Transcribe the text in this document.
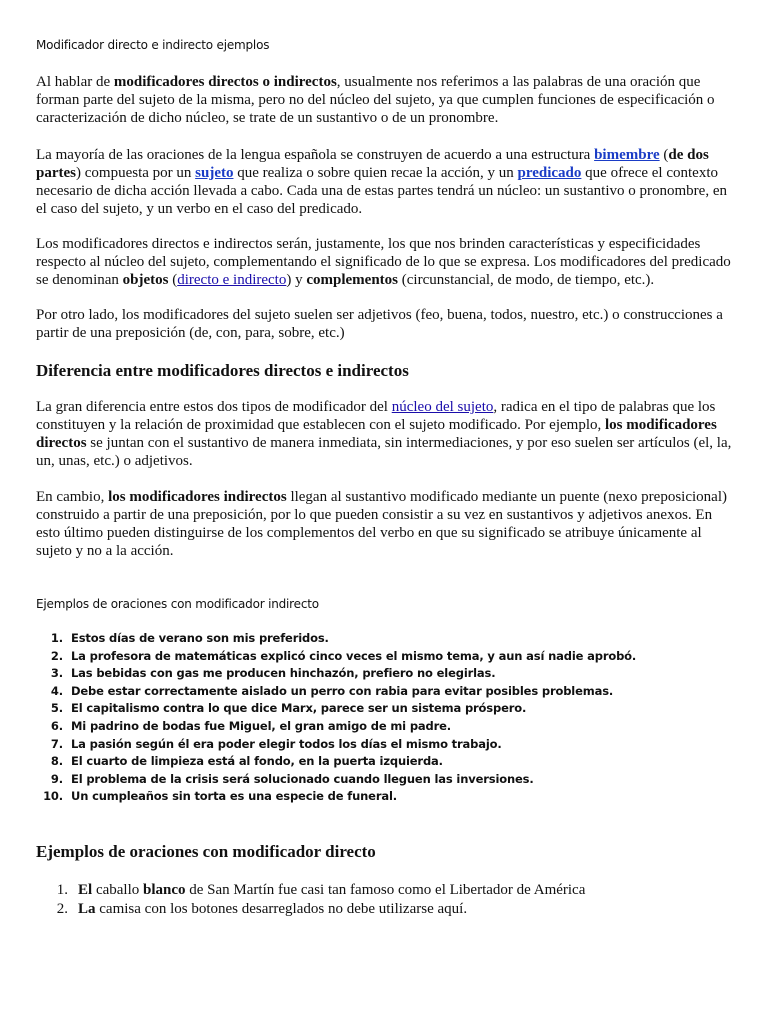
Modificador directo e indirecto ejemplos

Al hablar de modificadores directos o indirectos, usualmente nos referimos a las palabras de una oración que forman parte del sujeto de la misma, pero no del núcleo del sujeto, ya que cumplen funciones de especificación o caracterización de dicho núcleo, se trate de un sustantivo o de un pronombre.

La mayoría de las oraciones de la lengua española se construyen de acuerdo a una estructura bimembre (de dos partes) compuesta por un sujeto que realiza o sobre quien recae la acción, y un predicado que ofrece el contexto necesario de dicha acción llevada a cabo. Cada una de estas partes tendrá un núcleo: un sustantivo o pronombre, en el caso del sujeto, y un verbo en el caso del predicado.

Los modificadores directos e indirectos serán, justamente, los que nos brinden características y especificidades respecto al núcleo del sujeto, complementando el significado de lo que se expresa. Los modificadores del predicado se denominan objetos (directo e indirecto) y complementos (circunstancial, de modo, de tiempo, etc.).

Por otro lado, los modificadores del sujeto suelen ser adjetivos (feo, buena, todos, nuestro, etc.) o construcciones a partir de una preposición (de, con, para, sobre, etc.)

Diferencia entre modificadores directos e indirectos

La gran diferencia entre estos dos tipos de modificador del núcleo del sujeto, radica en el tipo de palabras que los constituyen y la relación de proximidad que establecen con el sujeto modificado. Por ejemplo, los modificadores directos se juntan con el sustantivo de manera inmediata, sin intermediaciones, y por eso suelen ser artículos (el, la, un, unas, etc.) o adjetivos.

En cambio, los modificadores indirectos llegan al sustantivo modificado mediante un puente (nexo preposicional) construido a partir de una preposición, por lo que pueden consistir a su vez en sustantivos y adjetivos anexos. En esto último pueden distinguirse de los complementos del verbo en que su significado se atribuye únicamente al sujeto y no a la acción.

Ejemplos de oraciones con modificador indirecto
1. Estos días de verano son mis preferidos.
2. La profesora de matemáticas explicó cinco veces el mismo tema, y aun así nadie aprobó.
3. Las bebidas con gas me producen hinchazón, prefiero no elegirlas.
4. Debe estar correctamente aislado un perro con rabia para evitar posibles problemas.
5. El capitalismo contra lo que dice Marx, parece ser un sistema próspero.
6. Mi padrino de bodas fue Miguel, el gran amigo de mi padre.
7. La pasión según él era poder elegir todos los días el mismo trabajo.
8. El cuarto de limpieza está al fondo, en la puerta izquierda.
9. El problema de la crisis será solucionado cuando lleguen las inversiones.
10. Un cumpleaños sin torta es una especie de funeral.
Ejemplos de oraciones con modificador directo
1. El caballo blanco de San Martín fue casi tan famoso como el Libertador de América
2. La camisa con los botones desarreglados no debe utilizarse aquí.
